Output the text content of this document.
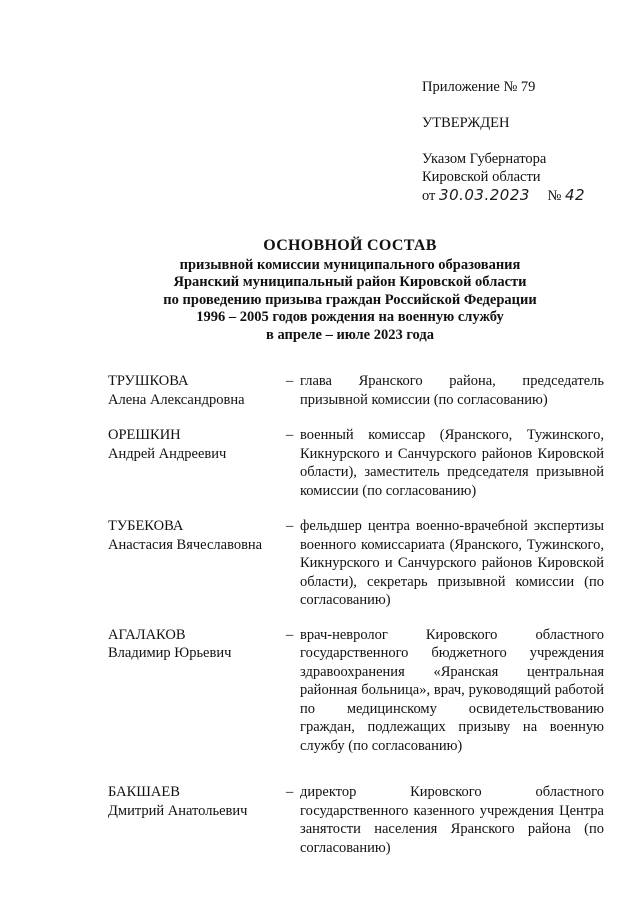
Приложение № 79
УТВЕРЖДЕН
Указом Губернатора
Кировской области
от 30.03.2023 № 42
ОСНОВНОЙ СОСТАВ
призывной комиссии муниципального образования
Яранский муниципальный район Кировской области
по проведению призыва граждан Российской Федерации
1996 – 2005 годов рождения на военную службу
в апреле – июле 2023 года
ТРУШКОВА
Алена Александровна
– глава Яранского района, председатель призывной комиссии (по согласованию)
ОРЕШКИН
Андрей Андреевич
– военный комиссар (Яранского, Тужинского, Кикнурского и Санчурского районов Кировской области), заместитель председателя призывной комиссии (по согласованию)
ТУБЕКОВА
Анастасия Вячеславовна
– фельдшер центра военно-врачебной экспертизы военного комиссариата (Яранского, Тужинского, Кикнурского и Санчурского районов Кировской области), секретарь призывной комиссии (по согласованию)
АГАЛАКОВ
Владимир Юрьевич
– врач-невролог Кировского областного государственного бюджетного учреждения здравоохранения «Яранская центральная районная больница», врач, руководящий работой по медицинскому освидетельствованию граждан, подлежащих призыву на военную службу (по согласованию)
БАКШАЕВ
Дмитрий Анатольевич
– директор Кировского областного государственного казенного учреждения Центра занятости населения Яранского района (по согласованию)
